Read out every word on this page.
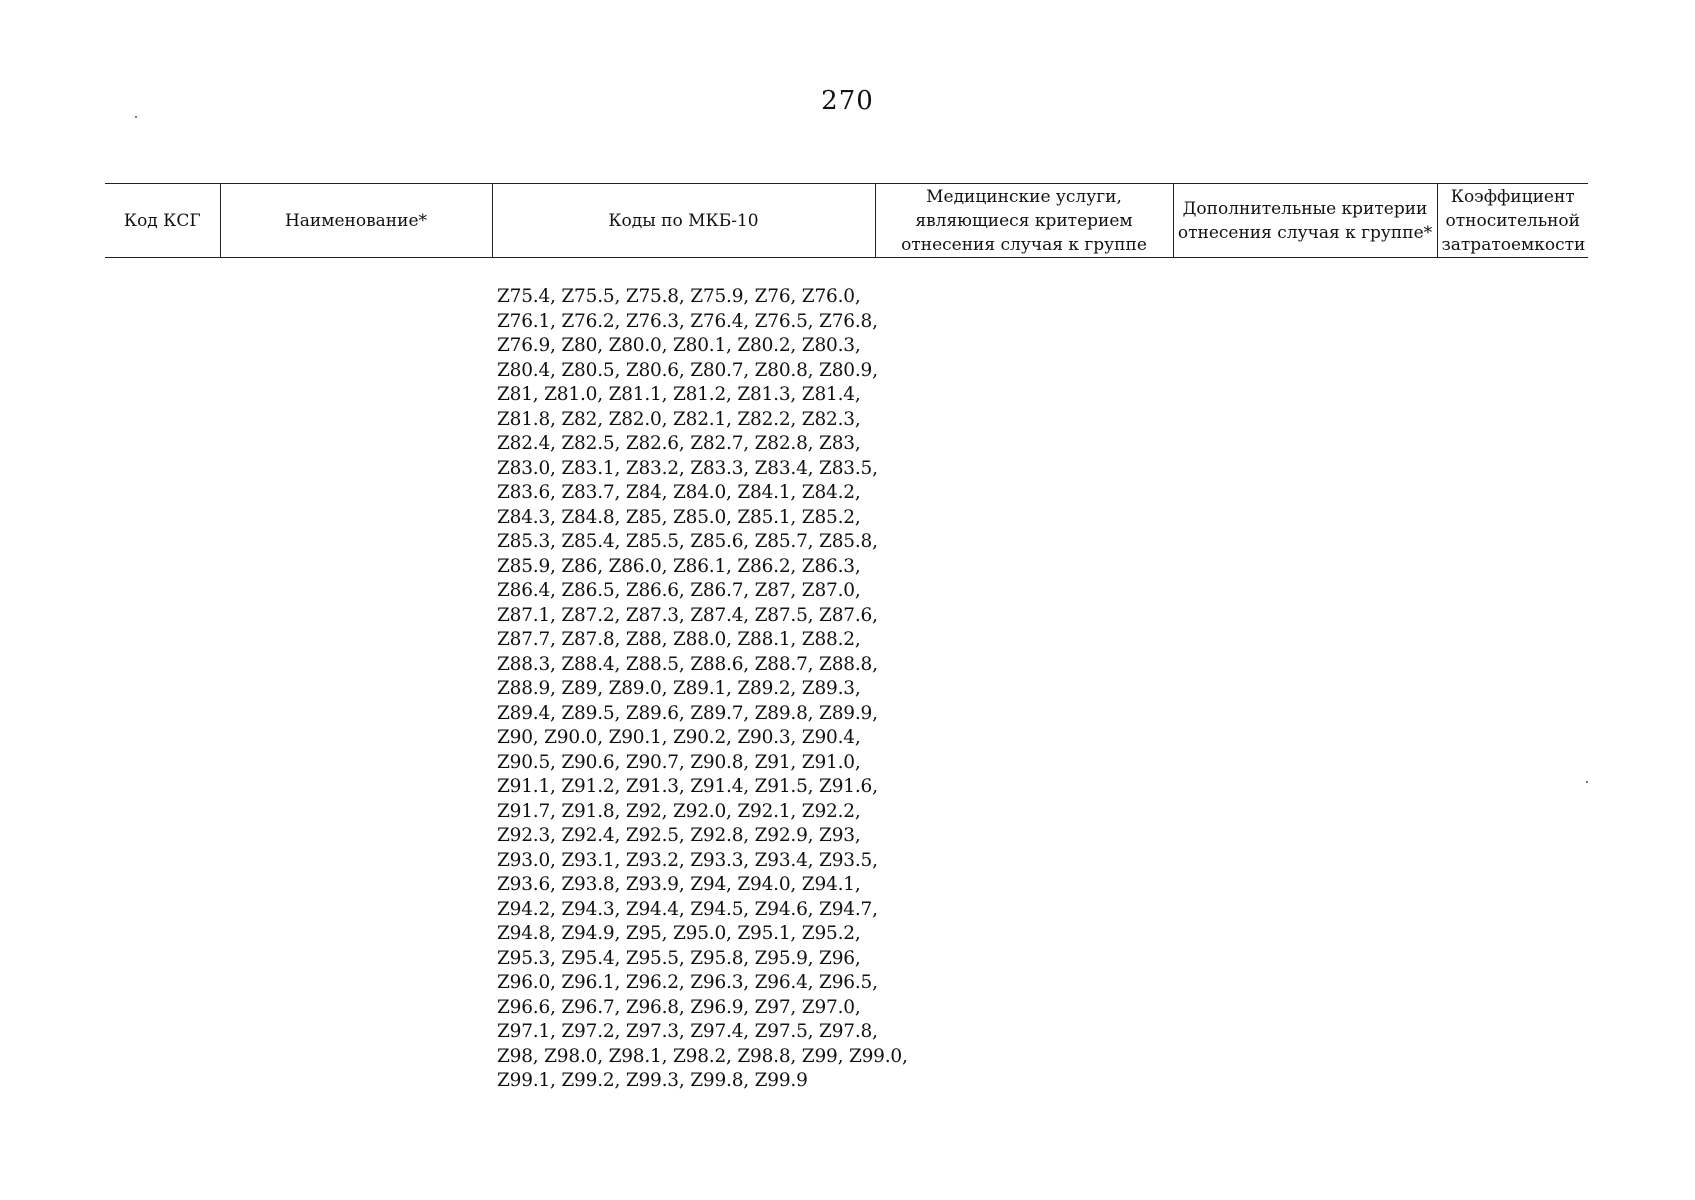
270
Код КСГ	Наименование*	Коды по МКБ-10	Медицинские услуги, являющиеся критерием отнесения случая к группе	Дополнительные критерии отнесения случая к группе*	Коэффициент относительной затратоемкости
Z75.4, Z75.5, Z75.8, Z75.9, Z76, Z76.0,
Z76.1, Z76.2, Z76.3, Z76.4, Z76.5, Z76.8,
Z76.9, Z80, Z80.0, Z80.1, Z80.2, Z80.3,
Z80.4, Z80.5, Z80.6, Z80.7, Z80.8, Z80.9,
Z81, Z81.0, Z81.1, Z81.2, Z81.3, Z81.4,
Z81.8, Z82, Z82.0, Z82.1, Z82.2, Z82.3,
Z82.4, Z82.5, Z82.6, Z82.7, Z82.8, Z83,
Z83.0, Z83.1, Z83.2, Z83.3, Z83.4, Z83.5,
Z83.6, Z83.7, Z84, Z84.0, Z84.1, Z84.2,
Z84.3, Z84.8, Z85, Z85.0, Z85.1, Z85.2,
Z85.3, Z85.4, Z85.5, Z85.6, Z85.7, Z85.8,
Z85.9, Z86, Z86.0, Z86.1, Z86.2, Z86.3,
Z86.4, Z86.5, Z86.6, Z86.7, Z87, Z87.0,
Z87.1, Z87.2, Z87.3, Z87.4, Z87.5, Z87.6,
Z87.7, Z87.8, Z88, Z88.0, Z88.1, Z88.2,
Z88.3, Z88.4, Z88.5, Z88.6, Z88.7, Z88.8,
Z88.9, Z89, Z89.0, Z89.1, Z89.2, Z89.3,
Z89.4, Z89.5, Z89.6, Z89.7, Z89.8, Z89.9,
Z90, Z90.0, Z90.1, Z90.2, Z90.3, Z90.4,
Z90.5, Z90.6, Z90.7, Z90.8, Z91, Z91.0,
Z91.1, Z91.2, Z91.3, Z91.4, Z91.5, Z91.6,
Z91.7, Z91.8, Z92, Z92.0, Z92.1, Z92.2,
Z92.3, Z92.4, Z92.5, Z92.8, Z92.9, Z93,
Z93.0, Z93.1, Z93.2, Z93.3, Z93.4, Z93.5,
Z93.6, Z93.8, Z93.9, Z94, Z94.0, Z94.1,
Z94.2, Z94.3, Z94.4, Z94.5, Z94.6, Z94.7,
Z94.8, Z94.9, Z95, Z95.0, Z95.1, Z95.2,
Z95.3, Z95.4, Z95.5, Z95.8, Z95.9, Z96,
Z96.0, Z96.1, Z96.2, Z96.3, Z96.4, Z96.5,
Z96.6, Z96.7, Z96.8, Z96.9, Z97, Z97.0,
Z97.1, Z97.2, Z97.3, Z97.4, Z97.5, Z97.8,
Z98, Z98.0, Z98.1, Z98.2, Z98.8, Z99, Z99.0,
Z99.1, Z99.2, Z99.3, Z99.8, Z99.9
